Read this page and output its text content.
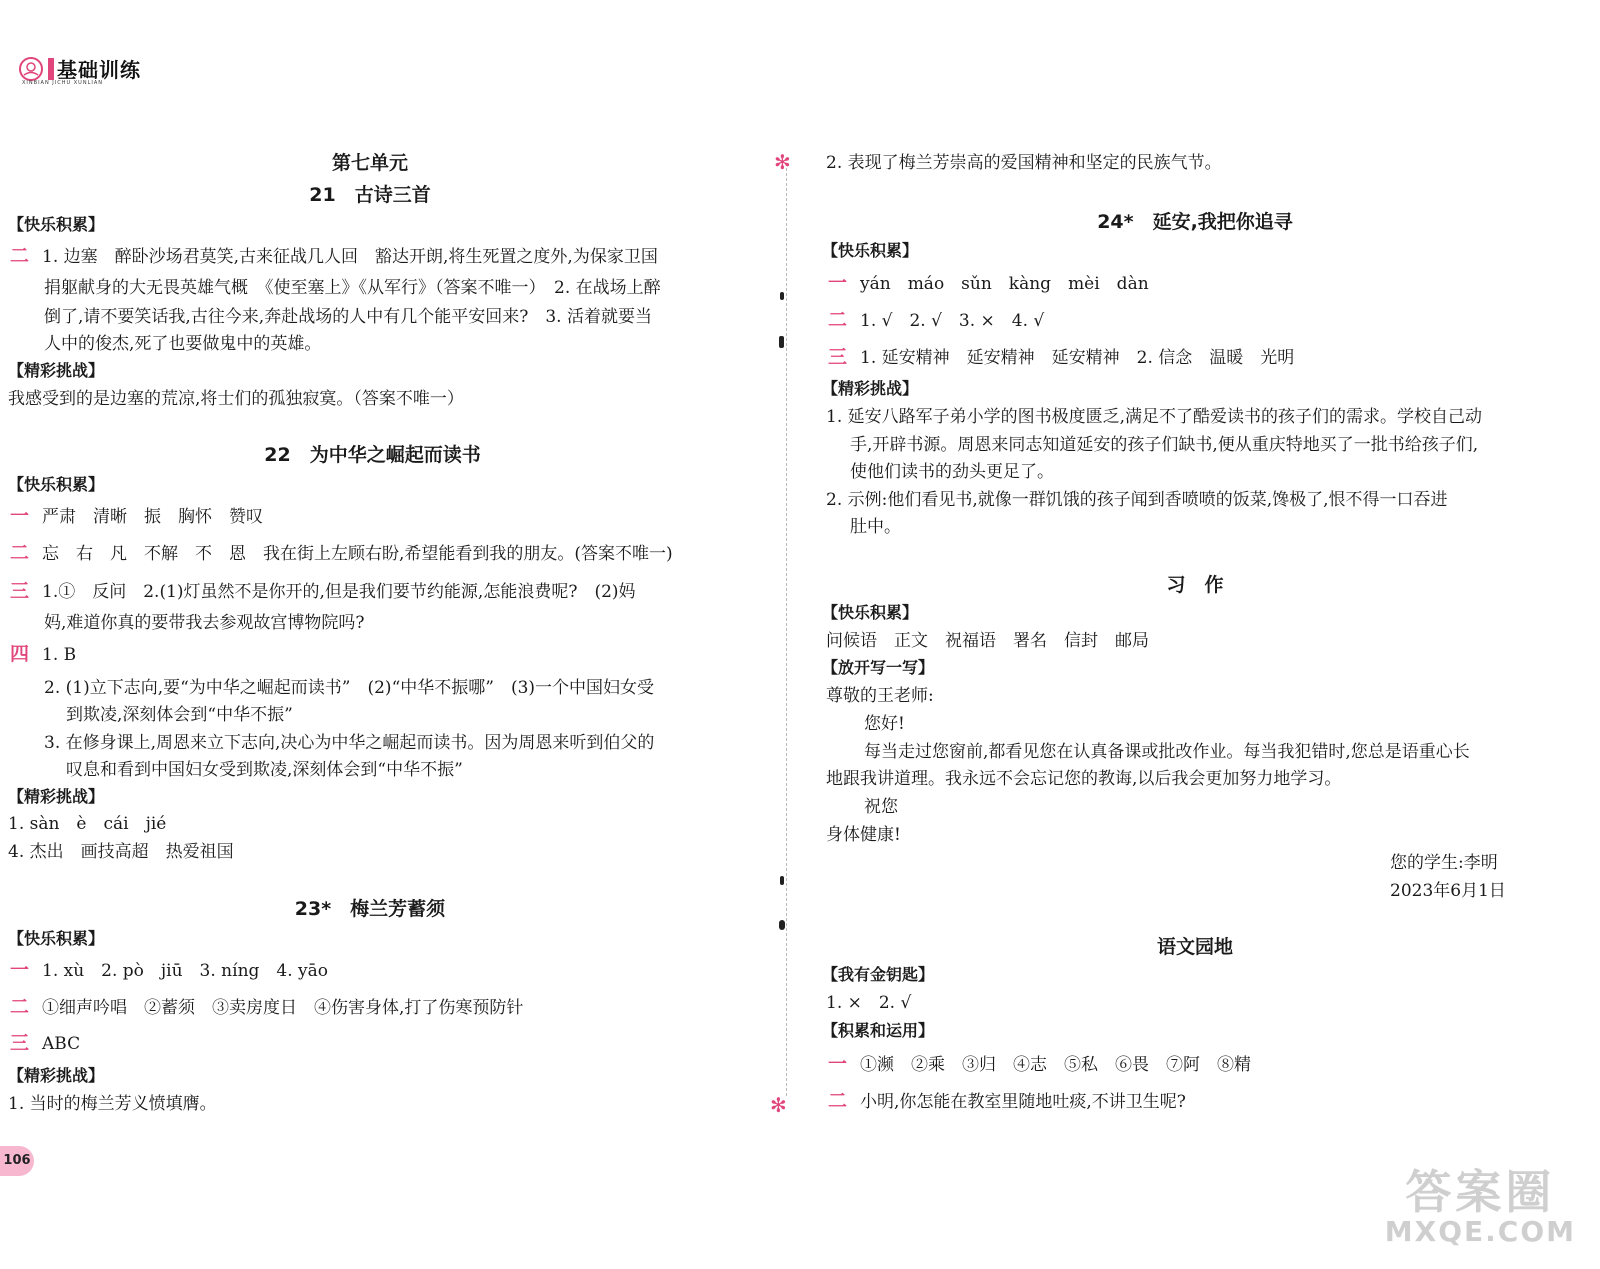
基础训练
XINBIAN JICHU XUNLIAN
第七单元
21　古诗三首
【快乐积累】
二 1. 边塞　醉卧沙场君莫笑,古来征战几人回　豁达开朗,将生死置之度外,为保家卫国
捐躯献身的大无畏英雄气概　《使至塞上》《从军行》（答案不唯一）　2. 在战场上醉
倒了,请不要笑话我,古往今来,奔赴战场的人中有几个能平安回来?　3. 活着就要当
人中的俊杰,死了也要做鬼中的英雄。
【精彩挑战】
我感受到的是边塞的荒凉,将士们的孤独寂寞。（答案不唯一）
22　为中华之崛起而读书
【快乐积累】
一 严肃　清晰　振　胸怀　赞叹
二 忘　右　凡　不解　不　恩　我在街上左顾右盼,希望能看到我的朋友。(答案不唯一)
三 1.①　反问　2.(1)灯虽然不是你开的,但是我们要节约能源,怎能浪费呢?　(2)妈
妈,难道你真的要带我去参观故宫博物院吗?
四 1. B
2. (1)立下志向,要“为中华之崛起而读书”　(2)“中华不振哪”　(3)一个中国妇女受
到欺凌,深刻体会到“中华不振”
3. 在修身课上,周恩来立下志向,决心为中华之崛起而读书。因为周恩来听到伯父的
叹息和看到中国妇女受到欺凌,深刻体会到“中华不振”
【精彩挑战】
1. sàn　è　cái　jié
4. 杰出　画技高超　热爱祖国
23*　梅兰芳蓄须
【快乐积累】
一 1. xù　2. pò　jiū　3. níng　4. yāo
二 ①细声吟唱　②蓄须　③卖房度日　④伤害身体,打了伤寒预防针
三 ABC
【精彩挑战】
1. 当时的梅兰芳义愤填膺。
✻
✻
2. 表现了梅兰芳崇高的爱国精神和坚定的民族气节。
24*　延安,我把你追寻
【快乐积累】
一 yán　máo　sǔn　kàng　mèi　dàn
二 1. √　2. √　3. ×　4. √
三 1. 延安精神　延安精神　延安精神　2. 信念　温暖　光明
【精彩挑战】
1. 延安八路军子弟小学的图书极度匮乏,满足不了酷爱读书的孩子们的需求。学校自己动
手,开辟书源。周恩来同志知道延安的孩子们缺书,便从重庆特地买了一批书给孩子们,
使他们读书的劲头更足了。
2. 示例:他们看见书,就像一群饥饿的孩子闻到香喷喷的饭菜,馋极了,恨不得一口吞进
肚中。
习　作
【快乐积累】
问候语　正文　祝福语　署名　信封　邮局
【放开写一写】
尊敬的王老师:
您好!
每当走过您窗前,都看见您在认真备课或批改作业。每当我犯错时,您总是语重心长
地跟我讲道理。我永远不会忘记您的教诲,以后我会更加努力地学习。
祝您
身体健康!
您的学生:李明
2023年6月1日
语文园地
【我有金钥匙】
1. ×　2. √
【积累和运用】
一 ①濒　②乘　③归　④志　⑤私　⑥畏　⑦阿　⑧精
二 小明,你怎能在教室里随地吐痰,不讲卫生呢?
106
答案圈
MXQE.COM
